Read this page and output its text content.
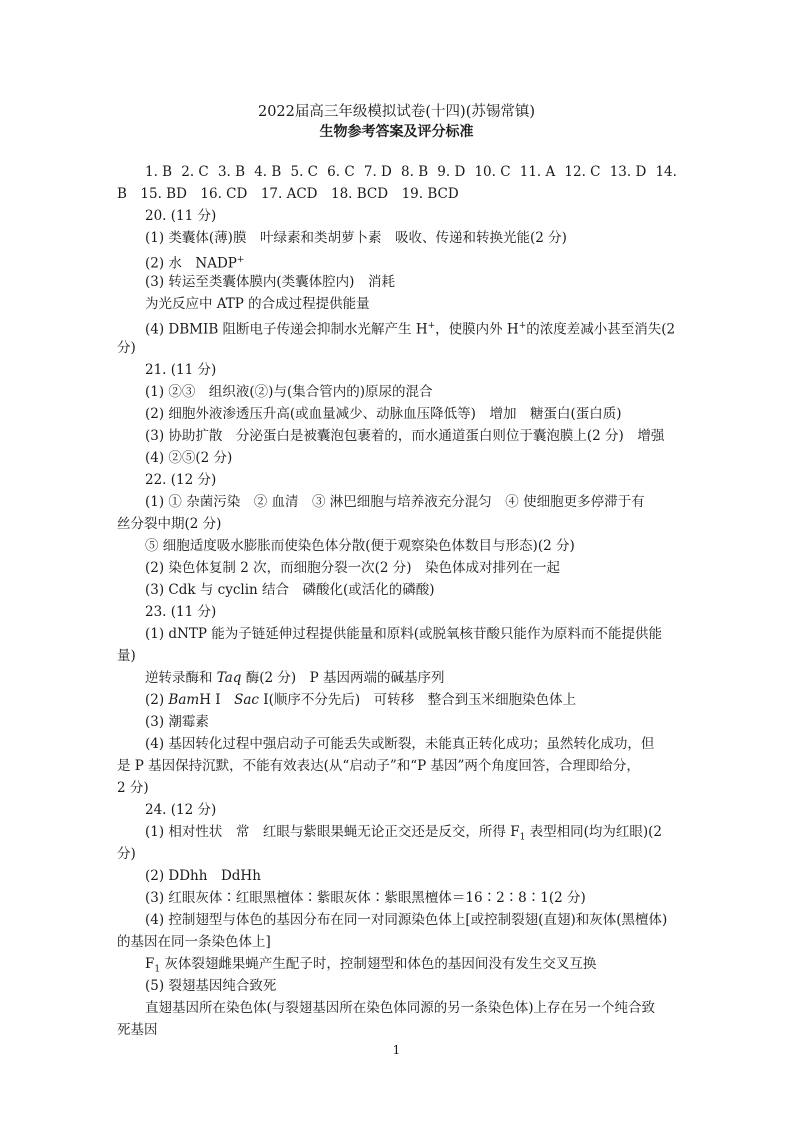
2022届高三年级模拟试卷(十四)(苏锡常镇)
生物参考答案及评分标准
1. B 2. C 3. B 4. B 5. C 6. C 7. D 8. B 9. D 10. C 11. A 12. C 13. D 14.
B　15. BD　16. CD　17. ACD　18. BCD　19. BCD
20. (11 分)
(1) 类囊体(薄)膜　叶绿素和类胡萝卜素　吸收、传递和转换光能(2 分)
(2) 水　NADP+
(3) 转运至类囊体膜内(类囊体腔内)　消耗
为光反应中 ATP 的合成过程提供能量
(4) DBMIB 阻断电子传递会抑制水光解产生 H+，使膜内外 H+的浓度差减小甚至消失(2
分)
21. (11 分)
(1) ②③　组织液(②)与(集合管内的)原尿的混合
(2) 细胞外液渗透压升高(或血量减少、动脉血压降低等)　增加　糖蛋白(蛋白质)
(3) 协助扩散　分泌蛋白是被囊泡包裹着的，而水通道蛋白则位于囊泡膜上(2 分)　增强
(4) ②⑤(2 分)
22. (12 分)
(1) ① 杂菌污染　② 血清　③ 淋巴细胞与培养液充分混匀　④ 使细胞更多停滞于有
丝分裂中期(2 分)
⑤ 细胞适度吸水膨胀而使染色体分散(便于观察染色体数目与形态)(2 分)
(2) 染色体复制 2 次，而细胞分裂一次(2 分)　染色体成对排列在一起
(3) Cdk 与 cyclin 结合　磷酸化(或活化的磷酸)
23. (11 分)
(1) dNTP 能为子链延伸过程提供能量和原料(或脱氧核苷酸只能作为原料而不能提供能
量)
逆转录酶和 Taq 酶(2 分)　P 基因两端的碱基序列
(2) BamH Ⅰ　Sac Ⅰ(顺序不分先后)　可转移　整合到玉米细胞染色体上
(3) 潮霉素
(4) 基因转化过程中强启动子可能丢失或断裂，未能真正转化成功；虽然转化成功，但
是 P 基因保持沉默，不能有效表达(从“启动子”和“P 基因”两个角度回答，合理即给分，
2 分)
24. (12 分)
(1) 相对性状　常　红眼与紫眼果蝇无论正交还是反交，所得 $F_1$ 表型相同(均为红眼)(2
分)
(2) DDhh　DdHh
(3) 红眼灰体∶红眼黑檀体∶紫眼灰体∶紫眼黑檀体＝16∶2∶8∶1(2 分)
(4) 控制翅型与体色的基因分布在同一对同源染色体上[或控制裂翅(直翅)和灰体(黑檀体)
的基因在同一条染色体上]
$F_1$ 灰体裂翅雌果蝇产生配子时，控制翅型和体色的基因间没有发生交叉互换
(5) 裂翅基因纯合致死
直翅基因所在染色体(与裂翅基因所在染色体同源的另一条染色体)上存在另一个纯合致
死基因
1
